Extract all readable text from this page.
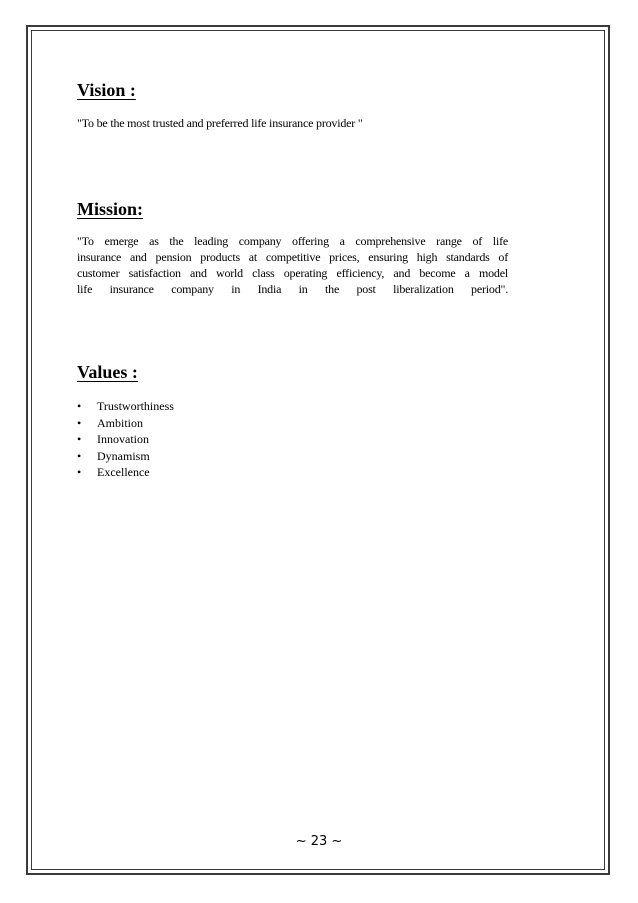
Vision :

"To be the most trusted and preferred life insurance provider "

Mission:
"To emerge as the leading company offering a comprehensive range of life
insurance and pension products at competitive prices, ensuring high standards of
customer satisfaction and world class operating efficiency, and become a model
life insurance company in India in the post liberalization period".
Values :
•	Trustworthiness
•	Ambition
•	Innovation
•	Dynamism
•	Excellence
~ 23 ~
